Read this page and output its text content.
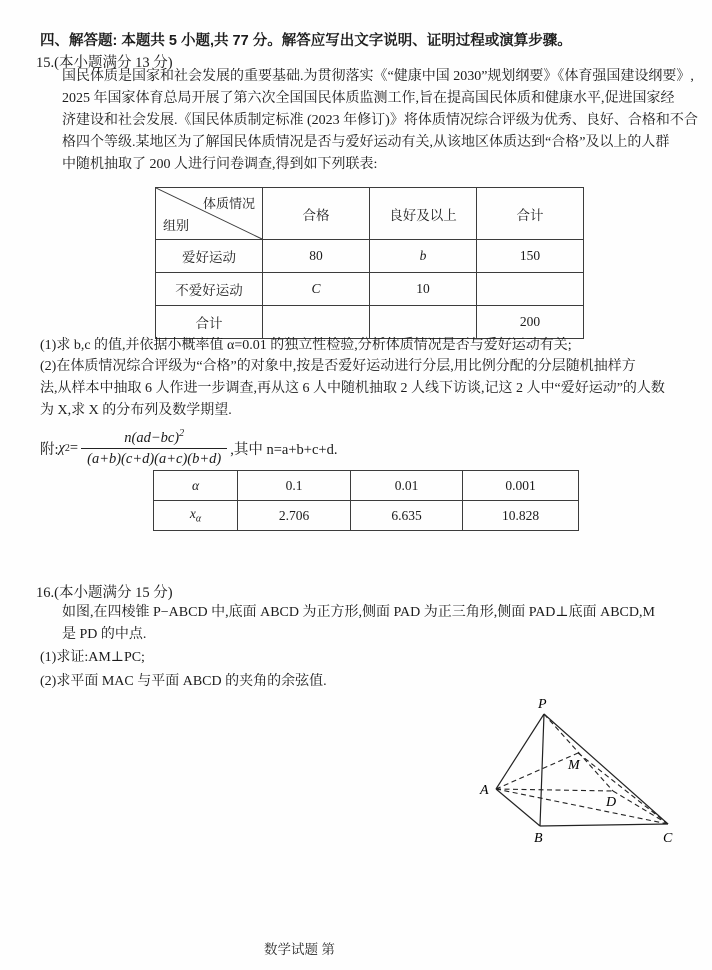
四、解答题: 本题共 5 小题,共 77 分。解答应写出文字说明、证明过程或演算步骤。
15.(本小题满分 13 分)
国民体质是国家和社会发展的重要基础.为贯彻落实《“健康中国 2030”规划纲要》《体育强国建设纲要》,
2025 年国家体育总局开展了第六次全国国民体质监测工作,旨在提高国民体质和健康水平,促进国家经
济建设和社会发展.《国民体质制定标准 (2023 年修订)》将体质情况综合评级为优秀、良好、合格和不合
格四个等级.某地区为了解国民体质情况是否与爱好运动有关,从该地区体质达到“合格”及以上的人群
中随机抽取了 200 人进行问卷调查,得到如下列联表:
体质情况
组别	合格	良好及以上	合计
爱好运动	80	b	150
不爱好运动	C	10	
合计			200
(1)求 b,c 的值,并依据小概率值 α=0.01 的独立性检验,分析体质情况是否与爱好运动有关;
(2)在体质情况综合评级为“合格”的对象中,按是否爱好运动进行分层,用比例分配的分层随机抽样方
法,从样本中抽取 6 人作进一步调查,再从这 6 人中随机抽取 2 人线下访谈,记这 2 人中“爱好运动”的人数
为 X,求 X 的分布列及数学期望.
附: χ $2 = \frac{n(ad-bc)^2}{(a+b)(c+d)(a+c)(b+d)}$ ,其中 n=a+b+c+d.
α	0.1	0.01	0.001
$x_\alpha$	2.706	6.635	10.828
16.(本小题满分 15 分)
如图,在四棱锥 P−ABCD 中,底面 ABCD 为正方形,侧面 PAD 为正三角形,侧面 PAD⊥底面 ABCD,M
是 PD 的中点.
(1)求证:AM⊥PC;
(2)求平面 MAC 与平面 ABCD 的夹角的余弦值.
P
A
B	C
D
M
数学试题 第
